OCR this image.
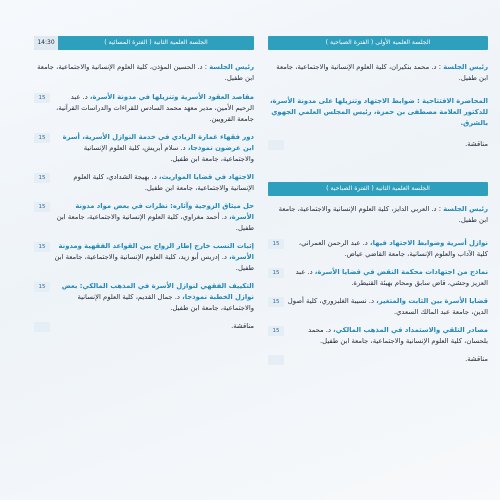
الجلسة العلمية الأولى ( الفترة الصباحية )
رئيس الجلسة : د. محمد بنكيران، كلية العلوم الإنسانية والاجتماعية، جامعة ابن طفيل.
المحاضرة الافتتاحية : ضوابط الاجتهاد وتنزيلها على مدونة الأسرة، للدكتور العلامة مصطفى بن حمزة، رئيس المجلس العلمي الجهوي بالشرق.
مناقشة.
الجلسة العلمية الثانية ( الفترة الصباحية )
رئيس الجلسة : د. العربي الدايز، كلية العلوم الإنسانية والاجتماعية، جامعة ابن طفيل.
15	نوازل أسرية وضوابط الاجتهاد فيها، د. عبد الرحمن العمراني، كلية الآداب والعلوم الإنسانية، جامعة القاضي عياض.
15	نماذج من اجتهادات محكمة النقض في قضايا الأسرة، د. عبد العزيز وحشي، قاض سابق ومحام بهيئة القنيطرة.
15	قضايا الأسرة بين الثابت والمتغير، د. نسيبة الغلبزوري، كلية أصول الدين، جامعة عبد المالك السعدي.
15	مصادر التلقي والاستمداد في المذهب المالكي، د. محمد بلحسان، كلية العلوم الإنسانية والاجتماعية، جامعة ابن طفيل.
مناقشة.
14:30	الجلسة العلمية الثانية ( الفترة المسائية )
رئيس الجلسة : د. الحسين المؤذن، كلية العلوم الإنسانية والاجتماعية، جامعة ابن طفيل.
15	مقاصد العقود الأسرية وتنزيلها في مدونة الأسرة، د. عبد الرحيم الأمين، مدير معهد محمد السادس للقراءات والدراسات القرآنية، جامعة القرويين.
15	دور فقهاء غمارة الريادي في خدمة النوازل الأسرية، أسرة ابن عرضون نموذجا، د. سلام أبريش، كلية العلوم الإنسانية والاجتماعية، جامعة ابن طفيل.
15	الاجتهاد في قضايا المواريث، د. بهيجة الشدادي، كلية العلوم الإنسانية والاجتماعية، جامعة ابن طفيل.
15	حل ميثاق الزوجية وآثاره: نظرات في بعض مواد مدونة الأسرة، د. أحمد مغراوي، كلية العلوم الإنسانية والاجتماعية، جامعة ابن طفيل.
15	إثبات النسب خارج إطار الزواج بين القواعد الفقهية ومدونة الأسرة، د. إدريس أبو زيد، كلية العلوم الإنسانية والاجتماعية، جامعة ابن طفيل.
15	التكييف الفقهي لنوازل الأسرة في المذهب المالكي: بعض نوازل الخطبة نموذجا، د. جمال القديم، كلية العلوم الإنسانية والاجتماعية، جامعة ابن طفيل.
مناقشة.
